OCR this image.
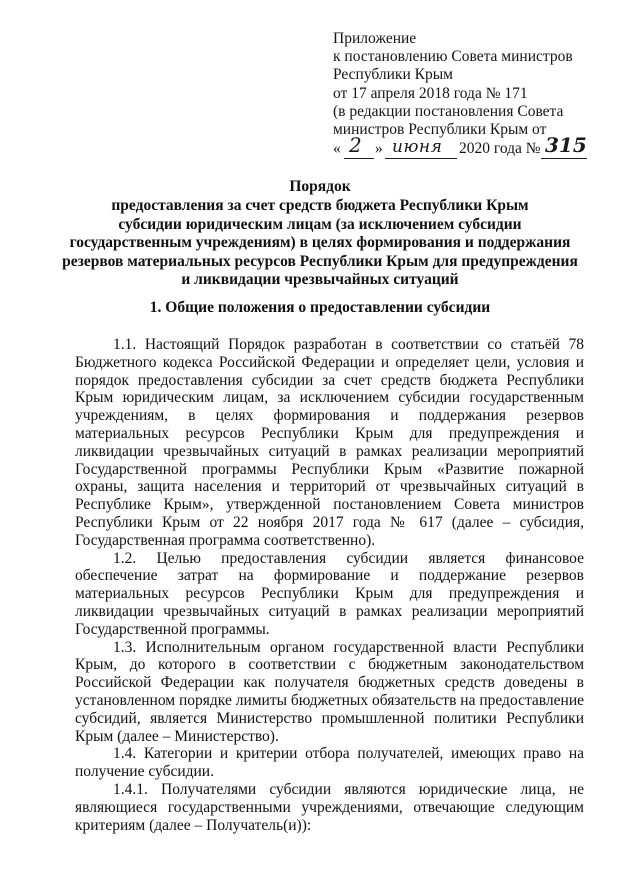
Приложение
к постановлению Совета министров
Республики Крым
от 17 апреля 2018 года № 171
(в редакции постановления Совета
министров Республики Крым от
« 2 » июня 2020 года № 315
Порядок
предоставления за счет средств бюджета Республики Крым
субсидии юридическим лицам (за исключением субсидии
государственным учреждениям) в целях формирования и поддержания
резервов материальных ресурсов Республики Крым для предупреждения
и ликвидации чрезвычайных ситуаций
1. Общие положения о предоставлении субсидии

1.1. Настоящий Порядок разработан в соответствии со статьёй 78 Бюджетного кодекса Российской Федерации и определяет цели, условия и порядок предоставления субсидии за счет средств бюджета Республики Крым юридическим лицам, за исключением субсидии государственным учреждениям, в целях формирования и поддержания резервов материальных ресурсов Республики Крым для предупреждения и ликвидации чрезвычайных ситуаций в рамках реализации мероприятий Государственной программы Республики Крым «Развитие пожарной охраны, защита населения и территорий от чрезвычайных ситуаций в Республике Крым», утвержденной постановлением Совета министров Республики Крым от 22 ноября 2017 года № 617 (далее – субсидия, Государственная программа соответственно).

1.2. Целью предоставления субсидии является финансовое обеспечение затрат на формирование и поддержание резервов материальных ресурсов Республики Крым для предупреждения и ликвидации чрезвычайных ситуаций в рамках реализации мероприятий Государственной программы.

1.3. Исполнительным органом государственной власти Республики Крым, до которого в соответствии с бюджетным законодательством Российской Федерации как получателя бюджетных средств доведены в установленном порядке лимиты бюджетных обязательств на предоставление субсидий, является Министерство промышленной политики Республики Крым (далее – Министерство).

1.4. Категории и критерии отбора получателей, имеющих право на получение субсидии.

1.4.1. Получателями субсидии являются юридические лица, не являющиеся государственными учреждениями, отвечающие следующим критериям (далее – Получатель(и)):
